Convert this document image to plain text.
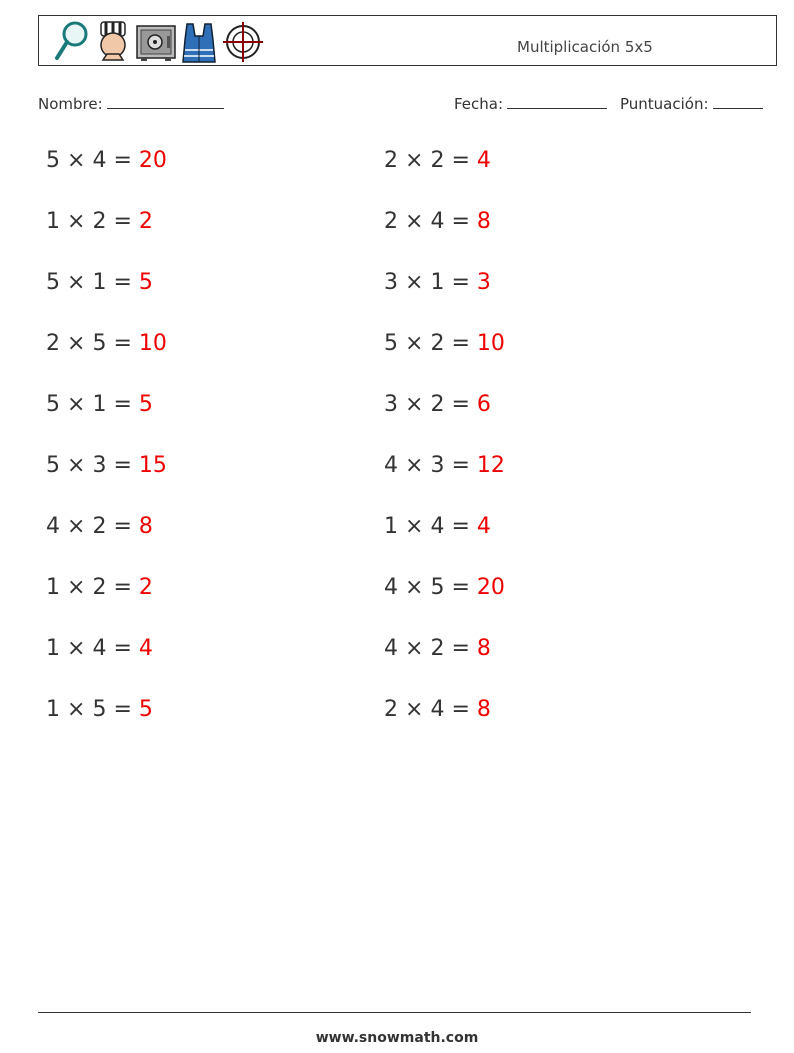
Multiplicación 5x5
Nombre:	Fecha:	Puntuación:
5 × 4 = 20
1 × 2 = 2
5 × 1 = 5
2 × 5 = 10
5 × 1 = 5
5 × 3 = 15
4 × 2 = 8
1 × 2 = 2
1 × 4 = 4
1 × 5 = 5
2 × 2 = 4
2 × 4 = 8
3 × 1 = 3
5 × 2 = 10
3 × 2 = 6
4 × 3 = 12
1 × 4 = 4
4 × 5 = 20
4 × 2 = 8
2 × 4 = 8
www.snowmath.com
